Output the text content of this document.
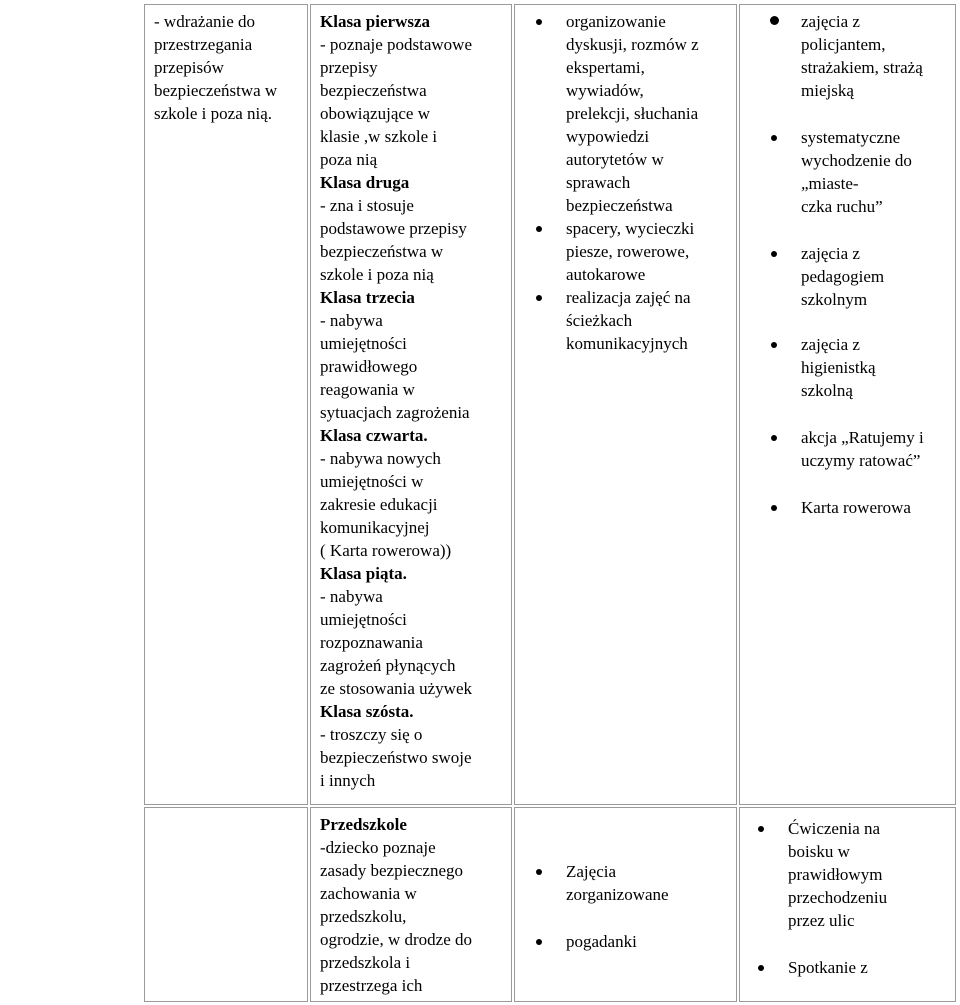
- wdrażanie do
przestrzegania
przepisów
bezpieczeństwa w
szkole i poza nią.
Klasa pierwsza
- poznaje podstawowe
przepisy
bezpieczeństwa
obowiązujące w
klasie ,w szkole i
poza nią
Klasa druga
- zna i stosuje
podstawowe przepisy
bezpieczeństwa w
szkole i poza nią
Klasa trzecia
- nabywa
umiejętności
prawidłowego
reagowania w
sytuacjach zagrożenia
Klasa czwarta.
- nabywa nowych
umiejętności w
zakresie edukacji
komunikacyjnej
( Karta rowerowa))
Klasa piąta.
- nabywa
umiejętności
rozpoznawania
zagrożeń płynących
ze stosowania używek
Klasa szósta.
- troszczy się o
bezpieczeństwo swoje
i innych
organizowanie
dyskusji, rozmów z
ekspertami,
wywiadów,
prelekcji, słuchania
wypowiedzi
autorytetów w
sprawach
bezpieczeństwa
spacery, wycieczki
piesze, rowerowe,
autokarowe
realizacja zajęć na
ścieżkach
komunikacyjnych
zajęcia z
policjantem,
strażakiem, strażą
miejską
systematyczne
wychodzenie do
„miaste-
czka ruchu”
zajęcia z
pedagogiem
szkolnym
zajęcia z
higienistką
szkolną
akcja „Ratujemy i
uczymy ratować”
Karta rowerowa
Przedszkole
-dziecko poznaje
zasady bezpiecznego
zachowania w
przedszkolu,
ogrodzie, w drodze do
przedszkola i
przestrzega ich
Zajęcia
zorganizowane
pogadanki
Ćwiczenia na
boisku w
prawidłowym
przechodzeniu
przez ulic
Spotkanie z
